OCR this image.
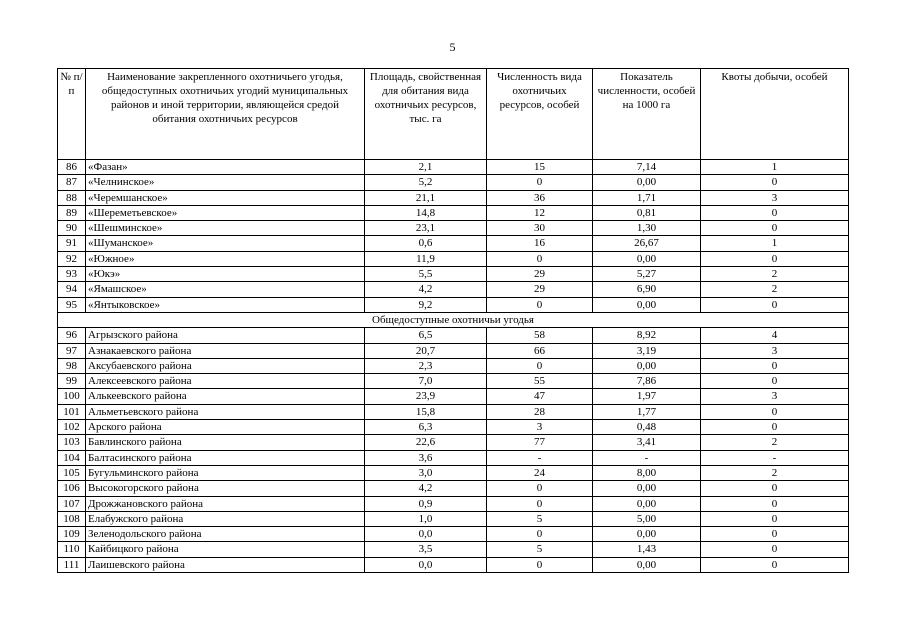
5
№ п/п	Наименование закрепленного охотничьего угодья, общедоступных охотничьих угодий муниципальных районов и иной территории, являющейся средой обитания охотничьих ресурсов	Площадь, свойственная для обитания вида охотничьих ресурсов, тыс. га	Численность вида охотничьих ресурсов, особей	Показатель численности, особей на 1000 га	Квоты добычи, особей
86	«Фазан»	2,1	15	7,14	1
87	«Челнинское»	5,2	0	0,00	0
88	«Черемшанское»	21,1	36	1,71	3
89	«Шереметьевское»	14,8	12	0,81	0
90	«Шешминское»	23,1	30	1,30	0
91	«Шуманское»	0,6	16	26,67	1
92	«Южное»	11,9	0	0,00	0
93	«Юкэ»	5,5	29	5,27	2
94	«Ямашское»	4,2	29	6,90	2
95	«Янтыковское»	9,2	0	0,00	0
Общедоступные охотничьи угодья					
96	Агрызского района	6,5	58	8,92	4
97	Азнакаевского района	20,7	66	3,19	3
98	Аксубаевского района	2,3	0	0,00	0
99	Алексеевского района	7,0	55	7,86	0
100	Алькеевского района	23,9	47	1,97	3
101	Альметьевского района	15,8	28	1,77	0
102	Арского района	6,3	3	0,48	0
103	Бавлинского района	22,6	77	3,41	2
104	Балтасинского района	3,6	-	-	-
105	Бугульминского района	3,0	24	8,00	2
106	Высокогорского района	4,2	0	0,00	0
107	Дрожжановского района	0,9	0	0,00	0
108	Елабужского района	1,0	5	5,00	0
109	Зеленодольского района	0,0	0	0,00	0
110	Кайбицкого района	3,5	5	1,43	0
111	Лаишевского района	0,0	0	0,00	0
